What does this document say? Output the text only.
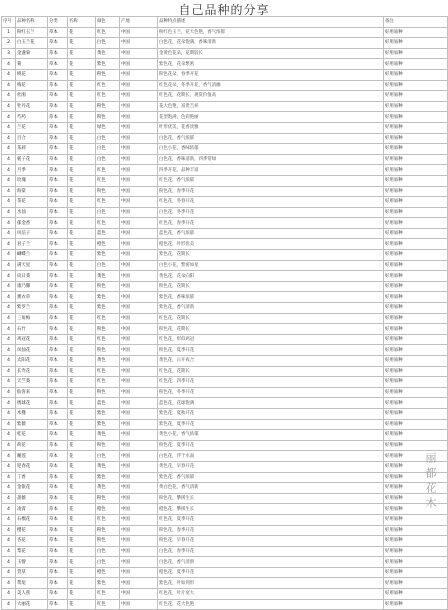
自己品种的分享
序号	品种名称	分类	名称	颜色	产地	品种特点描述	备注
1	粉红玉兰	草本	花	红色	中国	粉红色玉兰，花大色艳，香气浓郁	好用易种
2	白玉兰花	草本	花	白色	中国	白色花，花朵饱满，香味清新	好用易种
3	金盏菊	草本	花	黄色	中国	金黄色花朵，花期较长	好用易种
4	菊	草本	花	紫色	中国	紫色花，花朵繁密	好用易种
4	桃花	草本	花	粉色	中国	粉色花朵，春季开花	好用易种
4	梅花	草本	花	红色	中国	红色花朵，冬季开花，香气清幽	好用易种
4	杜鹃	草本	花	红色	中国	红色花，花期长，观赏价值高	好用易种
4	牡丹花	草本	花	粉色	中国	花大色艳，富贵吉祥	好用易种
4	芍药	草本	花	粉色	中国	花型饱满，色彩艳丽	好用易种
4	兰花	草本	花	绿色	中国	叶形优美，花香淡雅	好用易种
4	百合	草本	花	白色	中国	白色花，香气浓郁	好用易种
4	茉莉	草本	花	白色	中国	白色小花，香味浓郁	好用易种
4	栀子花	草本	花	白色	中国	白色花，香味清新，四季常绿	好用易种
4	月季	草本	花	红色	中国	四季开花，品种丰富	好用易种
4	玫瑰	草本	花	红色	中国	红色花，香气浓郁	好用易种
4	海棠	草本	花	粉色	中国	粉色花，春季开花	好用易种
4	茶花	草本	花	红色	中国	红色花，冬春开花	好用易种
4	水仙	草本	花	白色	中国	白色花，冬季开花	好用易种
4	郁金香	草本	花	红色	中国	红色花，春季开花	好用易种
4	风信子	草本	花	蓝色	中国	蓝色花，香气浓郁	好用易种
4	君子兰	草本	花	橙色	中国	橙色花，叶形优美	好用易种
4	蝴蝶兰	草本	花	紫色	中国	紫色花，花期长	好用易种
4	满天星	草本	花	白色	中国	白色小花，繁密如星	好用易种
4	向日葵	草本	花	黄色	中国	黄色花，花朵向阳	好用易种
4	康乃馨	草本	花	粉色	中国	粉色花，花期长	好用易种
4	薰衣草	草本	花	紫色	中国	紫色花，香味浓郁	好用易种
4	紫罗兰	草本	花	紫色	中国	紫色花，香气清新	好用易种
4	三角梅	草本	花	红色	中国	红色花，花期长	好用易种
4	石竹	草本	花	粉色	中国	粉色花，花期长	好用易种
4	鸡冠花	草本	花	红色	中国	红色花，形似鸡冠	好用易种
4	凤仙花	草本	花	粉色	中国	粉色花，夏季开花	好用易种
4	太阳花	草本	花	黄色	中国	黄色花，日开夜合	好用易种
4	长寿花	草本	花	红色	中国	红色花，花期长	好用易种
4	天竺葵	草本	花	红色	中国	红色花，四季开花	好用易种
4	仙客来	草本	花	粉色	中国	粉色花，冬季开花	好用易种
4	绣球花	草本	花	蓝色	中国	蓝色花，花球饱满	好用易种
4	木槿	草本	花	紫色	中国	紫色花，夏秋开花	好用易种
4	紫薇	草本	花	紫色	中国	紫色花，夏季开花	好用易种
4	桂花	草本	花	黄色	中国	黄色小花，香气浓郁	好用易种
4	荷花	草本	花	粉色	中国	粉色花，夏季开花	好用易种
4	睡莲	草本	花	白色	中国	白色花，浮于水面	好用易种
4	迎春花	草本	花	黄色	中国	黄色花，早春开花	好用易种
4	丁香	草本	花	紫色	中国	紫色花，香气浓郁	好用易种
4	金银花	草本	花	黄色	中国	黄白色花，香气清新	好用易种
4	蔷薇	草本	花	粉色	中国	粉色花，攀援生长	好用易种
4	凌霄	草本	花	橙色	中国	橙色花，攀援生长	好用易种
4	石榴花	草本	花	红色	中国	红色花，夏季开花	好用易种
4	樱花	草本	花	粉色	中国	粉色花，春季开花	好用易种
4	杏花	草本	花	粉色	中国	粉色花，早春开花	好用易种
4	梨花	草本	花	白色	中国	白色花，春季开花	好用易种
4	玉簪	草本	花	白色	中国	白色花，香气清新	好用易种
4	萱草	草本	花	橙色	中国	橙色花，夏季开花	好用易种
4	鸢尾	草本	花	紫色	中国	紫色花，叶如剑形	好用易种
4	美人蕉	草本	花	红色	中国	红色花，叶片宽大	好用易种
4	大丽花	草本	花	红色	中国	红色花，花大色艳	好用易种
丽都花木
